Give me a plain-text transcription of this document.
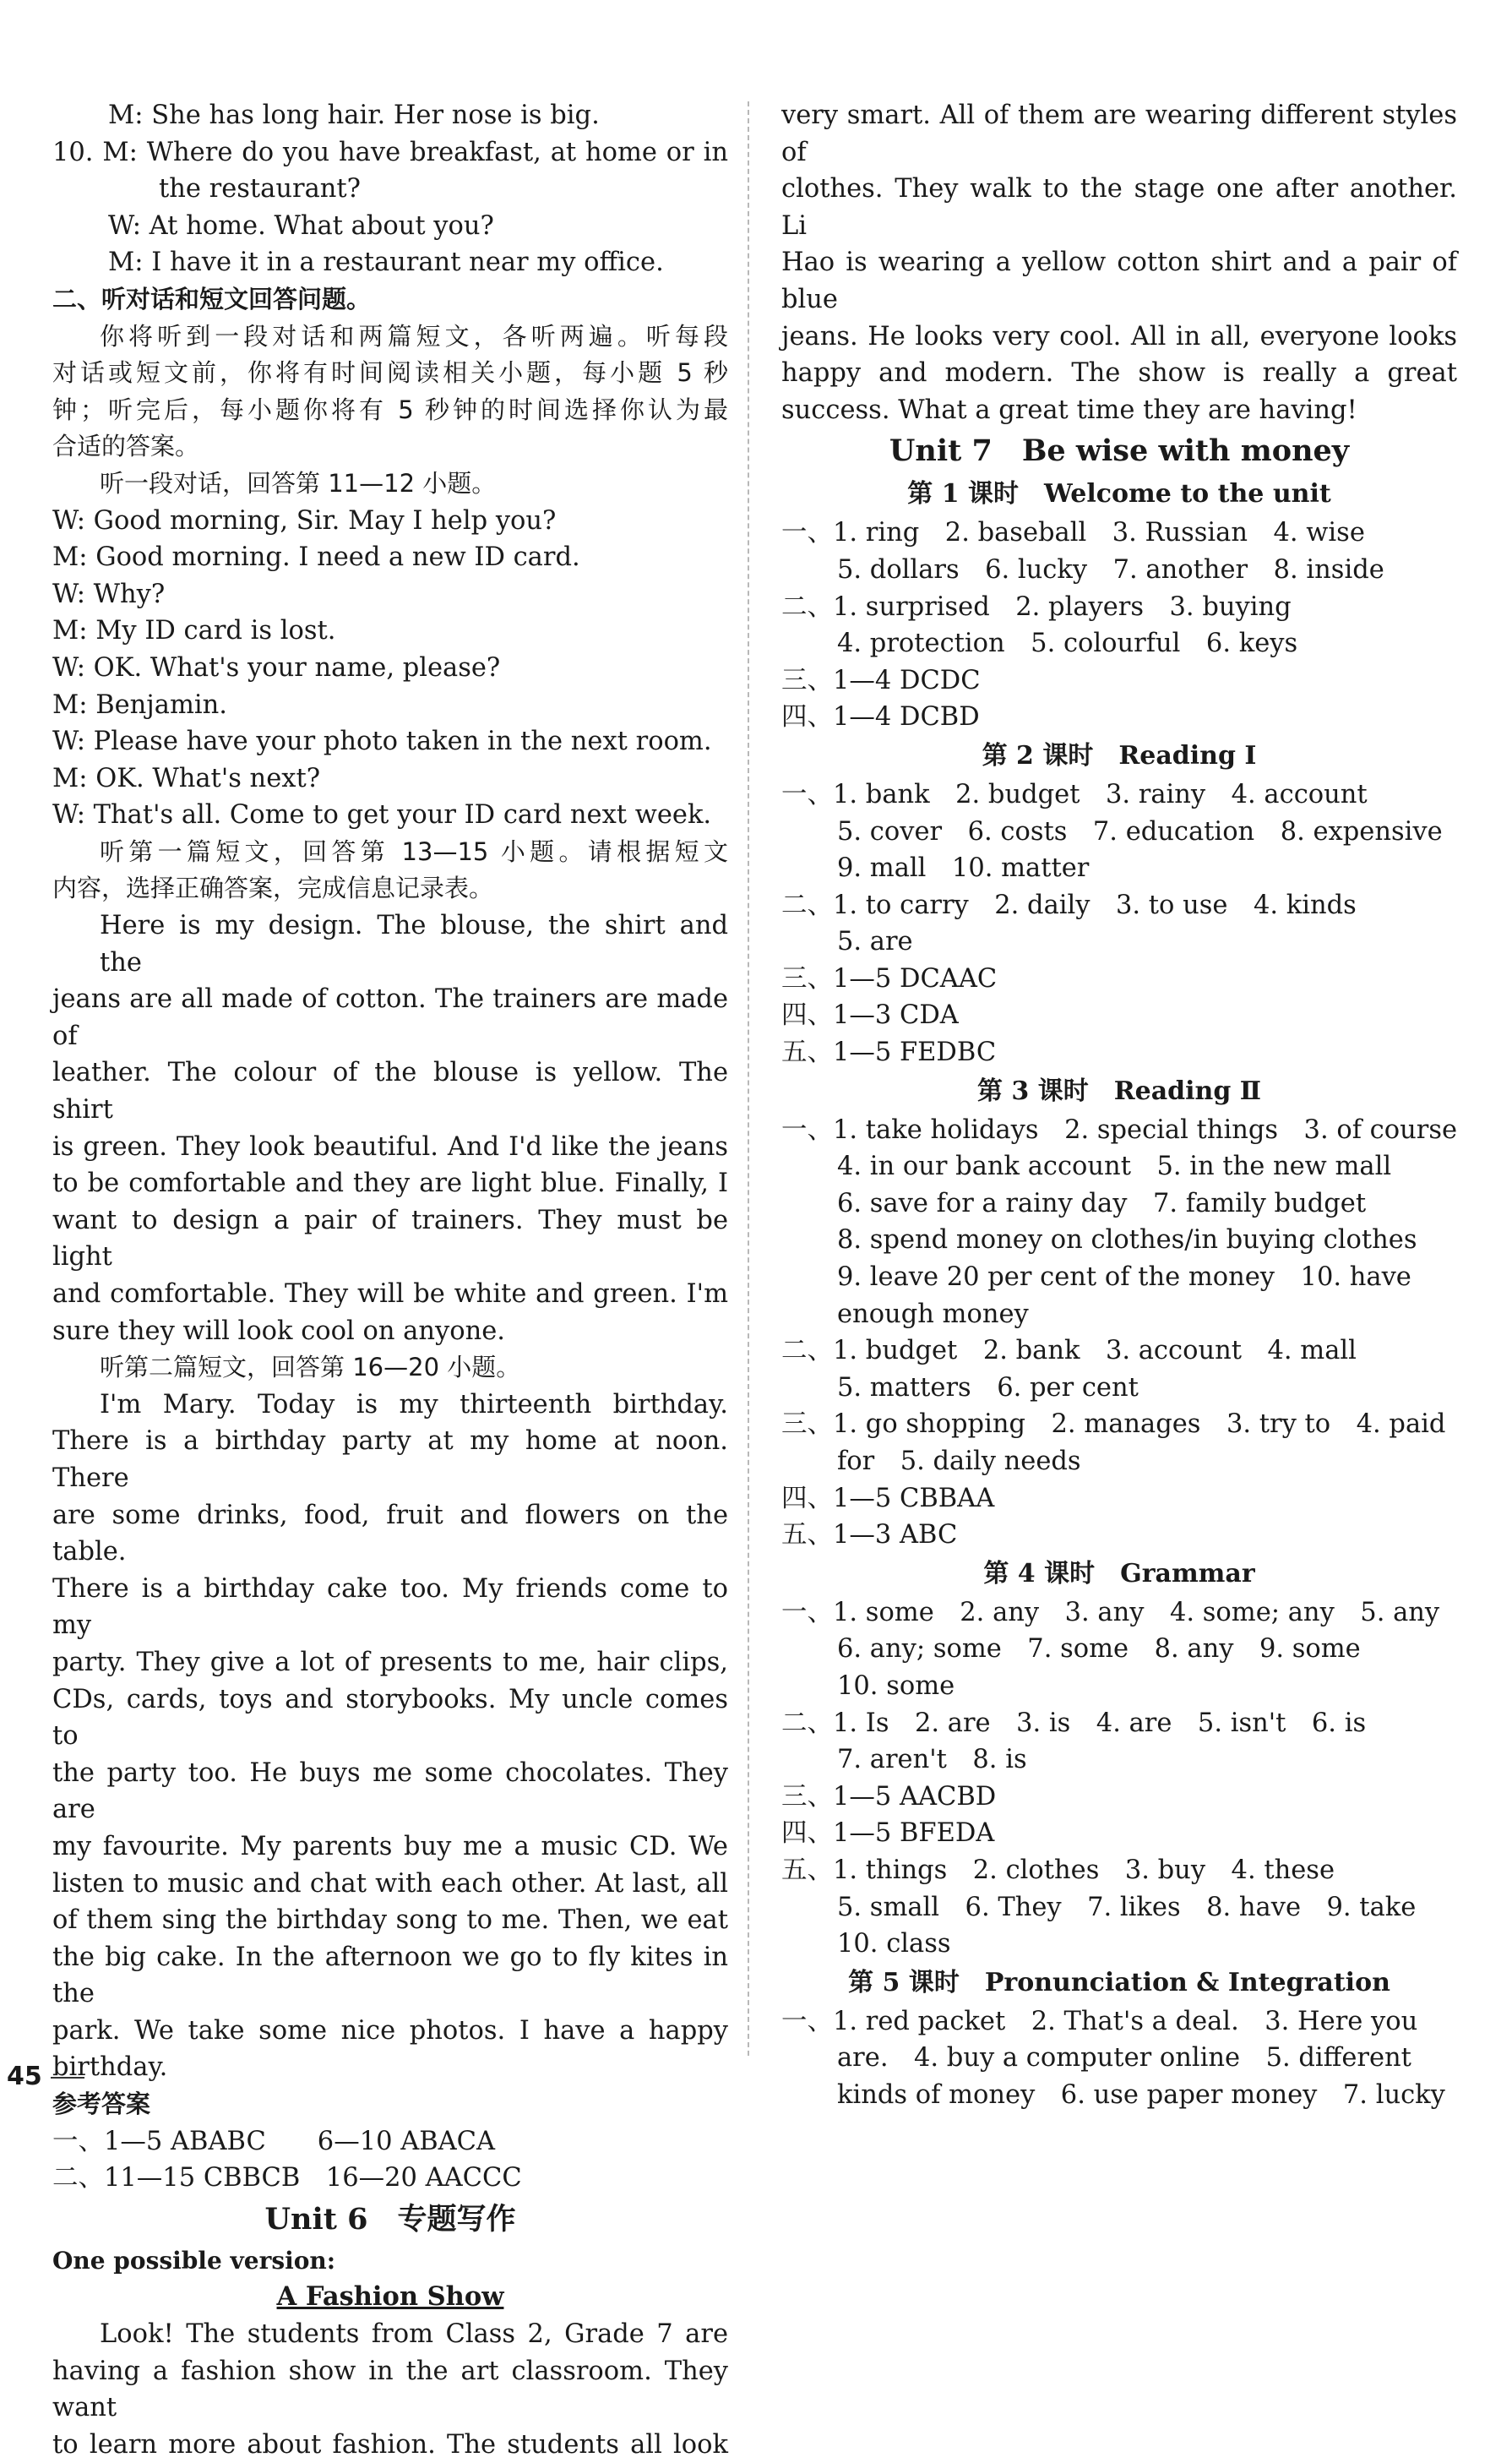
M: She has long hair. Her nose is big.
10. M: Where do you have breakfast, at home or in
the restaurant?
W: At home. What about you?
M: I have it in a restaurant near my office.
二、听对话和短文回答问题。
你将听到一段对话和两篇短文，各听两遍。听每段
对话或短文前，你将有时间阅读相关小题，每小题 5 秒
钟；听完后，每小题你将有 5 秒钟的时间选择你认为最
合适的答案。
听一段对话，回答第 11—12 小题。
W: Good morning, Sir. May I help you?
M: Good morning. I need a new ID card.
W: Why?
M: My ID card is lost.
W: OK. What's your name, please?
M: Benjamin.
W: Please have your photo taken in the next room.
M: OK. What's next?
W: That's all. Come to get your ID card next week.
听第一篇短文，回答第 13—15 小题。请根据短文
内容，选择正确答案，完成信息记录表。
Here is my design. The blouse, the shirt and the
jeans are all made of cotton. The trainers are made of
leather. The colour of the blouse is yellow. The shirt
is green. They look beautiful. And I'd like the jeans
to be comfortable and they are light blue. Finally, I
want to design a pair of trainers. They must be light
and comfortable. They will be white and green. I'm
sure they will look cool on anyone.
听第二篇短文，回答第 16—20 小题。
I'm Mary. Today is my thirteenth birthday.
There is a birthday party at my home at noon. There
are some drinks, food, fruit and flowers on the table.
There is a birthday cake too. My friends come to my
party. They give a lot of presents to me, hair clips,
CDs, cards, toys and storybooks. My uncle comes to
the party too. He buys me some chocolates. They are
my favourite. My parents buy me a music CD. We
listen to music and chat with each other. At last, all
of them sing the birthday song to me. Then, we eat
the big cake. In the afternoon we go to fly kites in the
park. We take some nice photos. I have a happy
birthday.
参考答案
一、1—5 ABABC　　6—10 ABACA
二、11—15 CBBCB　16—20 AACCC
Unit 6　专题写作
One possible version:
A Fashion Show
Look! The students from Class 2, Grade 7 are
having a fashion show in the art classroom. They want
to learn more about fashion. The students all look
very smart. All of them are wearing different styles of
clothes. They walk to the stage one after another. Li
Hao is wearing a yellow cotton shirt and a pair of blue
jeans. He looks very cool. All in all, everyone looks
happy and modern. The show is really a great
success. What a great time they are having!
Unit 7　Be wise with money
第 1 课时　Welcome to the unit
一、1. ring　2. baseball　3. Russian　4. wise
5. dollars　6. lucky　7. another　8. inside
二、1. surprised　2. players　3. buying
4. protection　5. colourful　6. keys
三、1—4 DCDC
四、1—4 DCBD
第 2 课时　Reading Ⅰ
一、1. bank　2. budget　3. rainy　4. account
5. cover　6. costs　7. education　8. expensive
9. mall　10. matter
二、1. to carry　2. daily　3. to use　4. kinds
5. are
三、1—5 DCAAC
四、1—3 CDA
五、1—5 FEDBC
第 3 课时　Reading Ⅱ
一、1. take holidays　2. special things　3. of course
4. in our bank account　5. in the new mall
6. save for a rainy day　7. family budget
8. spend money on clothes/in buying clothes
9. leave 20 per cent of the money　10. have
enough money
二、1. budget　2. bank　3. account　4. mall
5. matters　6. per cent
三、1. go shopping　2. manages　3. try to　4. paid
for　5. daily needs
四、1—5 CBBAA
五、1—3 ABC
第 4 课时　Grammar
一、1. some　2. any　3. any　4. some; any　5. any
6. any; some　7. some　8. any　9. some
10. some
二、1. Is　2. are　3. is　4. are　5. isn't　6. is
7. aren't　8. is
三、1—5 AACBD
四、1—5 BFEDA
五、1. things　2. clothes　3. buy　4. these
5. small　6. They　7. likes　8. have　9. take
10. class
第 5 课时　Pronunciation & Integration
一、1. red packet　2. That's a deal.　3. Here you
are.　4. buy a computer online　5. different
kinds of money　6. use paper money　7. lucky
45
